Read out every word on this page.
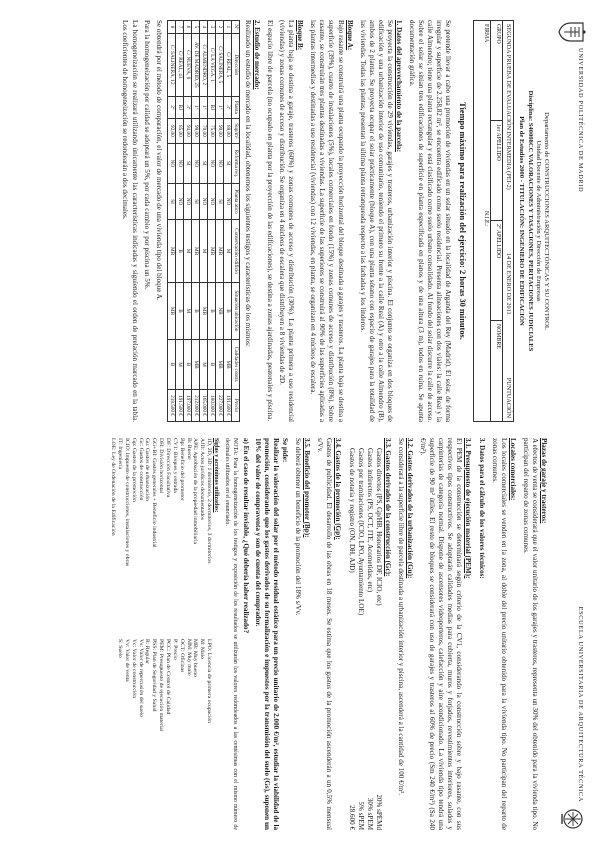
UNIVERSIDAD POLITÉCNICA DE MADRID
Departamento de CONSTRUCCIONES ARQUITECTÓNICAS Y SU CONTROL
Unidad Docente de Administración y Dirección de Empresas
Disciplina: S40008CC VALORACIONES Y TASACIONES, PERITACIONES JUDICIALES
Plan de Estudios 2000 - TITULACIÓN: INGENIERO DE EDIFICACIÓN
SEGUNDA PRUEBA DE EVALUACIÓN INTERMEDIA (PEI-2)
14 DE ENERO DE 2011
PUNTUACIÓN
GRUPO
1er APELLIDO
2º APELLIDO
NOMBRE
FIRMA
N.I.E.:
Tiempo máximo para realización del ejercicio: 2 horas 30 minutos.

Se pretende llevar a cabo una promoción de viviendas en un solar situado en la localidad de Arganda del Rey (Madrid). El solar, de forma irregular y superficie de 2.258,82 m², se encuentra edificado como suelo residencial. Presenta alineaciones con dos viales: la calle Real y la calle Almendro; tiene una planta rectangular y está clasificado como suelo urbano consolidado. Al fondo del solar discurre la calle de acceso. Sobre el solar se sitúan tres edificaciones de superficie en planta especificada en planos y de una altura (3 m), todos en ruina. Se apunta documentación gráfica.

1. Datos del aprovechamiento de la parcela:

Se proyecta la construcción de 29 viviendas, garajes y trasteros, urbanización interior y piscina. El conjunto se organiza en dos bloques de edificación y una urbanización interior de uso comunitario, teniendo el primero su frente a la calle Real (A) y otro a la calle Almendro (B), ambos de 2 plantas. Se proyecta ocupar el solar prácticamente (bloque A), con una planta sótano con espacio de garajes para la totalidad de las viviendas. Todas las plantas, presentan la última planta retranqueada respecto a las fachadas y los linderos.

Bloque A:

Bajo rasante se construirá una planta ocupando la proyección horizontal del bloque destinada a garajes y trasteros. La planta baja se destina a superficie (39%), cuarto de instalaciones (5%), locales comerciales en fondo (15%) y zonas comunes de acceso y distribución (8%). Sobre rasante, se construirán tres plantas destinadas a viviendas. La superficie de las superiores se construirá al 90% de las superficies aplicadas a las plantas intermedias y destinadas a uso residencial (viviendas) con 12 viviendas, en planta, se organizan en 4 núcleos de escalera.

Bloque B:

La planta baja se destina a garaje, trasteros (60%) y zonas comunes de acceso y distribución (30%). La planta primera a uso residencial (viviendas) y zonas comunes de acceso y distribución. Se organiza en 4 núcleos de escalera que distribuyen a 8 viviendas de 2D.

El espacio libre de parcela (no ocupado en planta por la proyección de las edificaciones), se destina a zonas ajardinadas, peatonales y piscina.

2. Estudio de mercado:

Realizado un estudio de mercado en la localidad, obtenemos los siguientes testigos y características de los mismos:

Nº	Dirección	Planta	Sup/m²	Reforma req.	Planta ático	Conservación edificio	Situación ubicación	Calidades constr.	Precio
1	C/ REAL, 5	3ª	88,00	SI	NO	M	B	MB	191.600 €
2	C/ SALINERA, 5	1ª	90,00	NO	SI	MB	NB	MB	227.000 €
3	C/ LA VEGA, 1	BJ	75,00	NO	NO	MB	B	B	180.000 €
4	C/ ALMENDRO, 2	1ª	70,00	SI	NO	M	MB	M	165.000 €
5	AV. DE MADRID, 25	1ª	98,00	NO	SI	MB	B	MB	212.000 €
6	C/ NUEVA, 8	3ª	94,00	SI	NO	M	M	B	197.000 €
7	C/ REAL, 43	BJ	85,00	NO	NO	B	B	M	191.500 €
8	C/ SALINERA, 12	2ª	92,00	NO	SI	MB	MB	B	218.500 €

Se obtendrá por el método de comparación, el valor de mercado de una vivienda tipo del bloque A.

Para la homogeneización por calidad se adoptará un 5%, por cada cambio y por piscina un 5%.

La homogeneización se realizará utilizando únicamente las características indicadas y siguiendo el orden de prelación marcado en la tabla. Los coeficientes de homogeneización se redondearán a dos decimales.

ESCUELA UNIVERSITARIA DE ARQUITECTURA TÉCNICA
Plazas de garaje y trasteros:

A efectos de venta se considerará que el valor unitario de los garajes y trasteros, representa un 30% del obtenido para la vivienda tipo. No participan del reparto de zonas comunes.

Locales comerciales:

Los locales comerciales se venden en la zona, al doble del precio unitario obtenido para la vivienda tipo. No participan del reparto de zonas comunes.

3. Datos para el cálculo de los valores técnicos:
3.1. Presupuesto de ejecución material (PEM):

El PEM de la construcción se determinará según criterio de la CV1, considerando la construcción sobre y bajo rasante, con sus respectivos tipos constructivos. Se adoptarán calidades medias para cubierta, muros y forjados, revestimientos interiores, solados y carpinterías de categoría normal. Dispone de ascensores videoporteros, calefacción y aire acondicionado. La vivienda tipo tendrá una superficie de 90 m² útiles. El resto de bloques se considerará con uso de garajes y trasteros al 60% de precio (Sm 240 €/m²) (Sa 240 €/m²).

3.2. Gastos derivados de la urbanización (Gu):

Se considerará a la superficie libre de parcela destinada a urbanización interior y piscina, ascenderá a la cantidad de 100 €/m².

3.3. Gastos derivados de la construcción (Gc):
Gastos directos (PS, Gp/HB, Honorarios DF, ICIO, etc)
20% sPEMd
Gastos indirectos (PS, OCT, ITE, Acometidas, etc)
30% sPEM
Gastos por tramitaciones (ICIO, LPO, Ayuntamiento LOE)
5% sPEM
Gastos de notaría y registro (ON, DH, AJD)
28.600 €
3.4. Gastos de la promoción (Gp):

Gastos de publicidad. El desarrollo de las obras en 18 meses. Se estima que los gastos de la promoción ascenderán a un 0,5% mensual s/Vv.

3.5. Beneficio del promotor (Bp):

Se deberá obtener un beneficio de la promoción del 18% s/Vv.

Se pide:

Realizar la valoración del solar por el método residual estático para un precio unitario de 2.000 €/m², estudiar la viabilidad de la promoción, considerando que los gastos derivados de su formalización e impuestos por la transmisión del suelo (Gs), suponen un 10% del valor de compraventa y son de cuenta del comprador.

a) En el caso de resultar inviable, ¿Qué debería haber realizado?

NOTA: Para la homogeneización de los testigos y exposición de los resultados se utilizarán los valores redondeados a las centésimas con el mismo número de decimales utilizados en el enunciado.

Siglas y acrónimos utilizados:
1D, 2D, 3D: 1 dormitorio, 2 dormitorios, 3 dormitorios
AJD: Actos jurídicos documentados
APE: Aprobación de la propiedad inmobiliaria
B: Bueno
Bp: Beneficio del promotor
CV1: Bloques y entrada
DF: Dirección Facultativa
DH: División horizontal
GG+BI: Gastos generales + Beneficio industrial
Gu: Gastos de urbanización
Gc: Gastos de construcción
Gp: Gastos de la promoción
ICIO: Impuesto de construcciones, instalaciones y obras
IT: Ingeniería
LOE: Ley de Ordenación de la Edificación
LPO: Licencia de primera ocupación
M: Malo
MB: Muy bueno
MM: Muy malo
OCT: Oficinas
P: Precio
PCC: Plan de Control de Calidad
PEM: Presupuesto de ejecución material
PSS: Plan de Seguridad y Salud
R: Regular
Vs: Valor de repercusión del suelo
Vc: Valor de construcción
Vv: Valor de venta
S: Suelo
